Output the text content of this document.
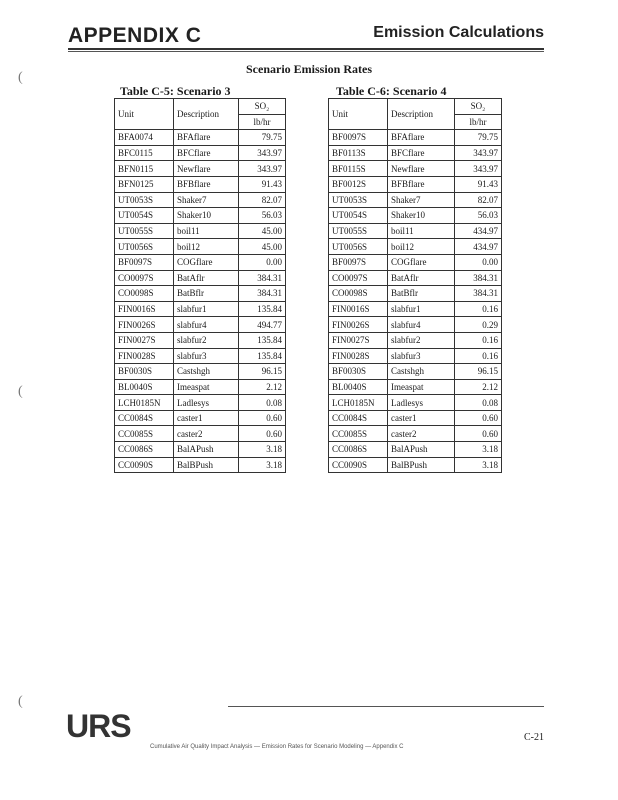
APPENDIX C	Emission Calculations
Scenario Emission Rates
(
(
(
Table C-5: Scenario 3
Unit	Description	SO₂
		lb/hr
BFA0074	BFAflare	79.75
BFC0115	BFCflare	343.97
BFN0115	Newflare	343.97
BFN0125	BFBflare	91.43
UT0053S	Shaker7	82.07
UT0054S	Shaker10	56.03
UT0055S	boil11	45.00
UT0056S	boil12	45.00
BF0097S	COGflare	0.00
CO0097S	BatAflr	384.31
CO0098S	BatBflr	384.31
FIN0016S	slabfur1	135.84
FIN0026S	slabfur4	494.77
FIN0027S	slabfur2	135.84
FIN0028S	slabfur3	135.84
BF0030S	Castshgh	96.15
BL0040S	Imeaspat	2.12
LCH0185N	Ladlesys	0.08
CC0084S	caster1	0.60
CC0085S	caster2	0.60
CC0086S	BalAPush	3.18
CC0090S	BalBPush	3.18
Table C-6: Scenario 4
Unit	Description	SO₂
		lb/hr
BF0097S	BFAflare	79.75
BF0113S	BFCflare	343.97
BF0115S	Newflare	343.97
BF0012S	BFBflare	91.43
UT0053S	Shaker7	82.07
UT0054S	Shaker10	56.03
UT0055S	boil11	434.97
UT0056S	boil12	434.97
BF0097S	COGflare	0.00
CO0097S	BatAflr	384.31
CO0098S	BatBflr	384.31
FIN0016S	slabfur1	0.16
FIN0026S	slabfur4	0.29
FIN0027S	slabfur2	0.16
FIN0028S	slabfur3	0.16
BF0030S	Castshgh	96.15
BL0040S	Imeaspat	2.12
LCH0185N	Ladlesys	0.08
CC0084S	caster1	0.60
CC0085S	caster2	0.60
CC0086S	BalAPush	3.18
CC0090S	BalBPush	3.18
URS	C-21
Cumulative Air Quality Impact Analysis — Emission Rates for Scenario Modeling — Appendix C
